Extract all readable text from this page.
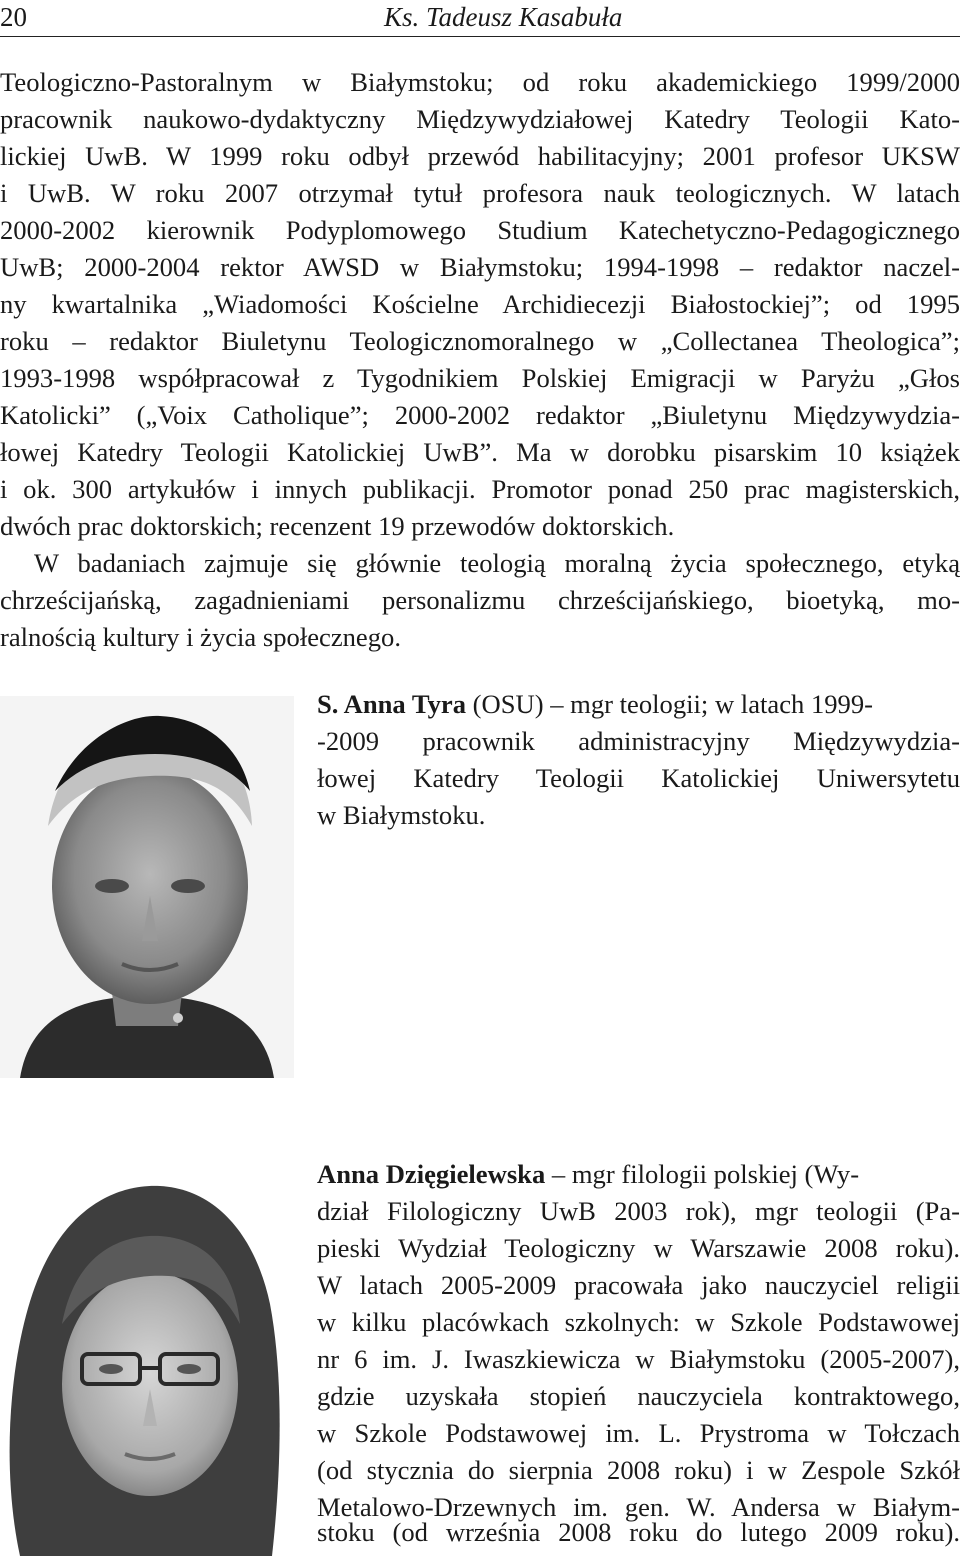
20	Ks. Tadeusz Kasabuła
Teologiczno-Pastoralnym w Białymstoku; od roku akademickiego 1999/2000
pracownik naukowo-dydaktyczny Międzywydziałowej Katedry Teologii Kato-
lickiej UwB. W 1999 roku odbył przewód habilitacyjny; 2001 profesor UKSW
i UwB. W roku 2007 otrzymał tytuł profesora nauk teologicznych. W latach
2000-2002 kierownik Podyplomowego Studium Katechetyczno-Pedagogicznego
UwB; 2000-2004 rektor AWSD w Białymstoku; 1994-1998 – redaktor naczel-
ny kwartalnika „Wiadomości Kościelne Archidiecezji Białostockiej”; od 1995
roku – redaktor Biuletynu Teologicznomoralnego w „Collectanea Theologica”;
1993-1998 współpracował z Tygodnikiem Polskiej Emigracji w Paryżu „Głos
Katolicki” („Voix Catholique”; 2000-2002 redaktor „Biuletynu Międzywydzia-
łowej Katedry Teologii Katolickiej UwB”. Ma w dorobku pisarskim 10 książek
i ok. 300 artykułów i innych publikacji. Promotor ponad 250 prac magisterskich,
dwóch prac doktorskich; recenzent 19 przewodów doktorskich.
W badaniach zajmuje się głównie teologią moralną życia społecznego, etyką
chrześcijańską, zagadnieniami personalizmu chrześcijańskiego, bioetyką, mo-
ralnością kultury i życia społecznego.
S. Anna Tyra (OSU) – mgr teologii; w latach 1999-
-2009 pracownik administracyjny Międzywydzia-
łowej Katedry Teologii Katolickiej Uniwersytetu
w Białymstoku.
Anna Dzięgielewska – mgr filologii polskiej (Wy-
dział Filologiczny UwB 2003 rok), mgr teologii (Pa-
pieski Wydział Teologiczny w Warszawie 2008 roku).
W latach 2005-2009 pracowała jako nauczyciel religii
w kilku placówkach szkolnych: w Szkole Podstawowej
nr 6 im. J. Iwaszkiewicza w Białymstoku (2005-2007),
gdzie uzyskała stopień nauczyciela kontraktowego,
w Szkole Podstawowej im. L. Prystroma w Tołczach
(od stycznia do sierpnia 2008 roku) i w Zespole Szkół
Metalowo-Drzewnych im. gen. W. Andersa w Białym-
stoku (od września 2008 roku do lutego 2009 roku).
